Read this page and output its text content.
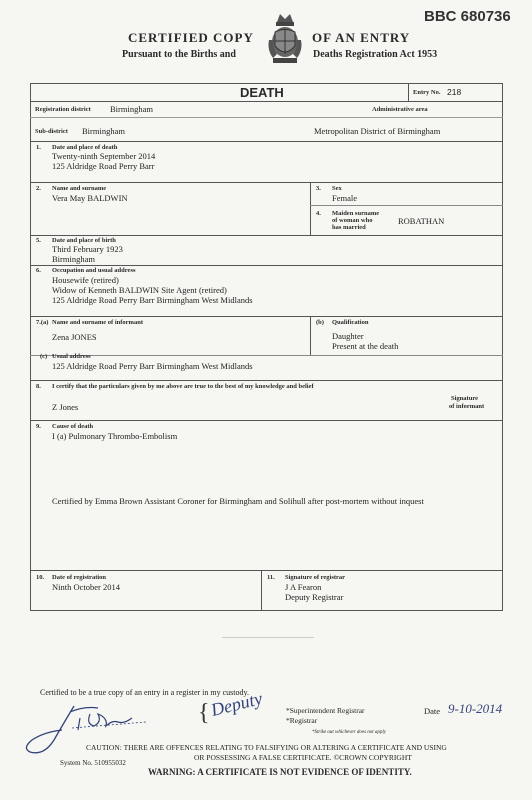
CERTIFIED COPY	OF AN ENTRY
Pursuant to the Births and	Deaths Registration Act 1953
BBC 680736
DEATH	Entry No. 218
Registration district Birmingham	Administrative area
Sub-district Birmingham	Metropolitan District of Birmingham
1. Date and place of death
Twenty-ninth September 2014
125 Aldridge Road Perry Barr
2. Name and surname
Vera May BALDWIN
3. Sex
Female
4. Maiden surname
of woman who
has married
ROBATHAN
5. Date and place of birth
Third February 1923
Birmingham
6. Occupation and usual address
Housewife (retired)
Widow of Kenneth BALDWIN Site Agent (retired)
125 Aldridge Road Perry Barr Birmingham West Midlands
7.(a) Name and surname of informant
Zena JONES
(b) Qualification
Daughter
Present at the death
(c) Usual address
125 Aldridge Road Perry Barr Birmingham West Midlands
8. I certify that the particulars given by me above are true to the best of my knowledge and belief
Z Jones
Signature
of informant
9. Cause of death
I (a) Pulmonary Thrombo-Embolism
Certified by Emma Brown Assistant Coroner for Birmingham and Solihull after post-mortem without inquest
10. Date of registration
Ninth October 2014
11. Signature of registrar
J A Fearon
Deputy Registrar
Certified to be a true copy of an entry in a register in my custody.
{ Deputy	*Superintendent Registrar
*Registrar
*Strike out whichever does not apply
Date 9-10-2014
CAUTION: THERE ARE OFFENCES RELATING TO FALSIFYING OR ALTERING A CERTIFICATE AND USING
OR POSSESSING A FALSE CERTIFICATE. ©CROWN COPYRIGHT
System No. 510955032
WARNING: A CERTIFICATE IS NOT EVIDENCE OF IDENTITY.
